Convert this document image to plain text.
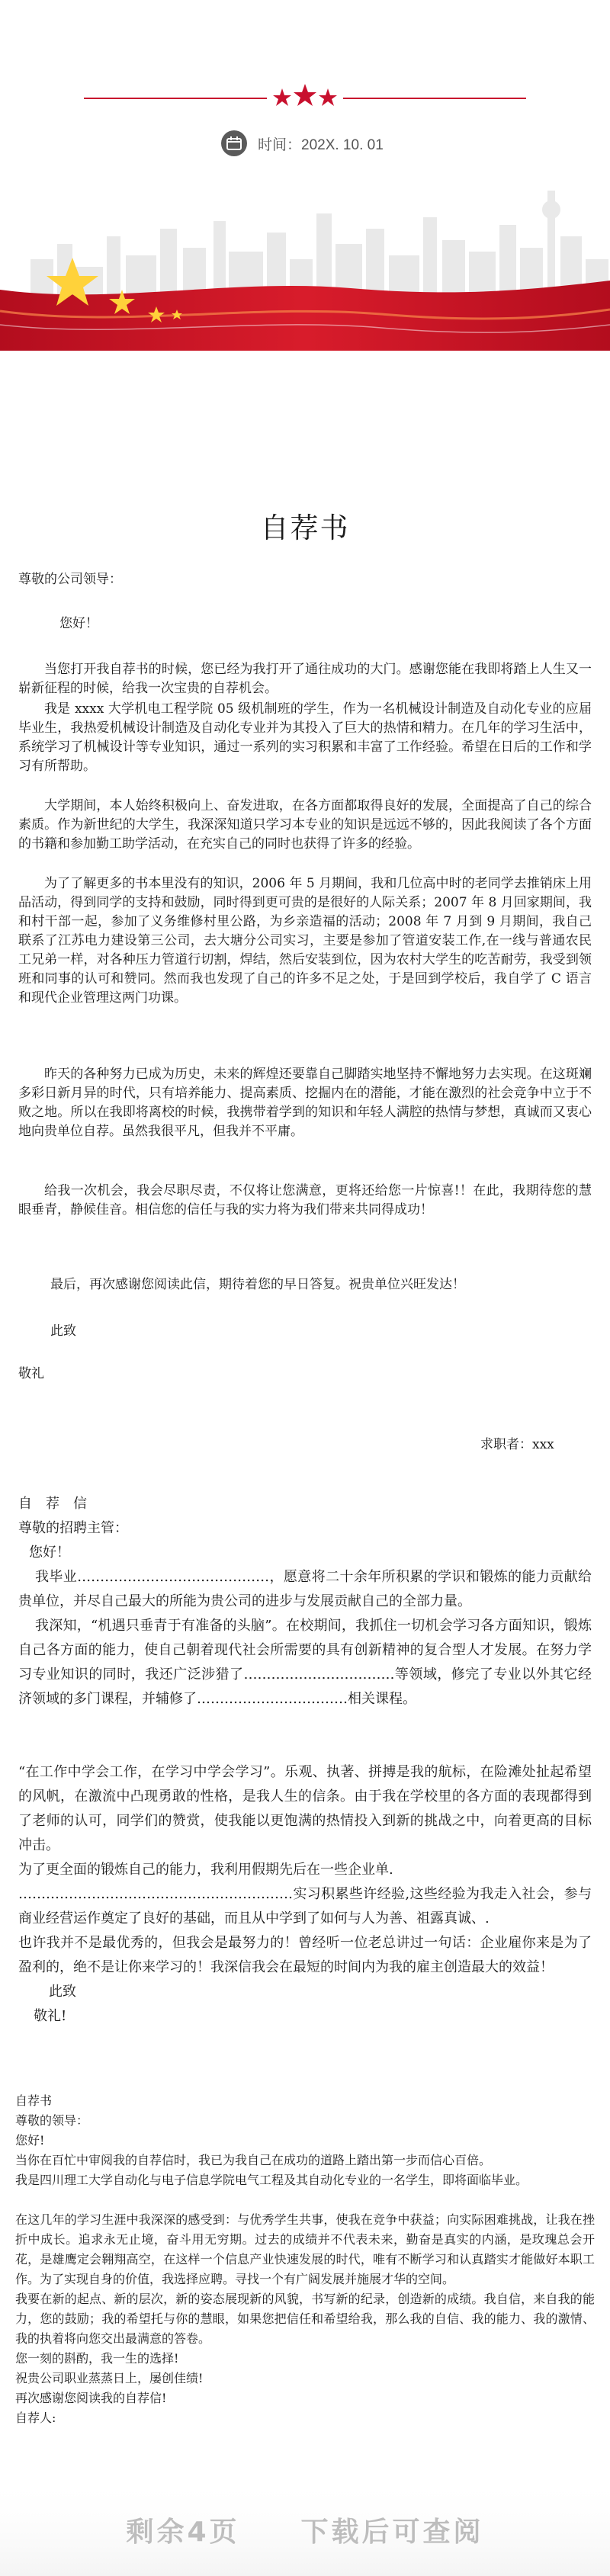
时间：202X. 10. 01
自荐书
尊敬的公司领导：
您好！
当您打开我自荐书的时候，您已经为我打开了通往成功的大门。感谢您能在我即将踏上人生又一崭新征程的时候，给我一次宝贵的自荐机会。
我是 xxxx 大学机电工程学院 05 级机制班的学生，作为一名机械设计制造及自动化专业的应届毕业生，我热爱机械设计制造及自动化专业并为其投入了巨大的热情和精力。在几年的学习生活中，系统学习了机械设计等专业知识，通过一系列的实习积累和丰富了工作经验。希望在日后的工作和学习有所帮助。
大学期间，本人始终积极向上、奋发进取，在各方面都取得良好的发展，全面提高了自己的综合素质。作为新世纪的大学生，我深深知道只学习本专业的知识是远远不够的，因此我阅读了各个方面的书籍和参加勤工助学活动，在充实自己的同时也获得了许多的经验。
为了了解更多的书本里没有的知识，2006 年 5 月期间，我和几位高中时的老同学去推销床上用品活动，得到同学的支持和鼓励，同时得到更可贵的是很好的人际关系；2007 年 8 月回家期间，我和村干部一起，参加了义务维修村里公路，为乡亲造福的活动；2008 年 7 月到 9 月期间，我自己联系了江苏电力建设第三公司，去大塘分公司实习，主要是参加了管道安装工作,在一线与普通农民工兄弟一样，对各种压力管道行切割，焊结，然后安装到位，因为农村大学生的吃苦耐劳，我受到领班和同事的认可和赞同。然而我也发现了自己的许多不足之处，于是回到学校后，我自学了 C 语言和现代企业管理这两门功课。
昨天的各种努力已成为历史，未来的辉煌还要靠自己脚踏实地坚持不懈地努力去实现。在这斑斓多彩日新月异的时代，只有培养能力、提高素质、挖掘内在的潜能，才能在激烈的社会竞争中立于不败之地。所以在我即将离校的时候，我携带着学到的知识和年轻人满腔的热情与梦想，真诚而又衷心地向贵单位自荐。虽然我很平凡，但我并不平庸。
给我一次机会，我会尽职尽责，不仅将让您满意，更将还给您一片惊喜!！在此，我期待您的慧眼垂青，静候佳音。相信您的信任与我的实力将为我们带来共同得成功！
最后，再次感谢您阅读此信，期待着您的早日答复。祝贵单位兴旺发达！
此致
敬礼
求职者：xxx
自　荐　信
尊敬的招聘主管：
您好！
我毕业……………………………………，愿意将二十余年所积累的学识和锻炼的能力贡献给贵单位，并尽自己最大的所能为贵公司的进步与发展贡献自己的全部力量。
我深知，“机遇只垂青于有准备的头脑”。在校期间，我抓住一切机会学习各方面知识，锻炼自己各方面的能力，使自己朝着现代社会所需要的具有创新精神的复合型人才发展。在努力学习专业知识的同时，我还广泛涉猎了……………………………等领域，修完了专业以外其它经济领域的多门课程，并辅修了……………………………相关课程。
“在工作中学会工作，在学习中学会学习”。乐观、执著、拼搏是我的航标，在险滩处扯起希望的风帆，在激流中凸现勇敢的性格，是我人生的信条。由于我在学校里的各方面的表现都得到了老师的认可，同学们的赞赏，使我能以更饱满的热情投入到新的挑战之中，向着更高的目标冲击。
为了更全面的锻炼自己的能力，我利用假期先后在一些企业单.
……………………………………………………实习积累些许经验,这些经验为我走入社会，参与商业经营运作奠定了良好的基础，而且从中学到了如何与人为善、祖露真诚、.
也许我并不是最优秀的，但我会是最努力的！曾经听一位老总讲过一句话：企业雇你来是为了盈利的，绝不是让你来学习的！我深信我会在最短的时间内为我的雇主创造最大的效益！
此致
敬礼!
自荐书
尊敬的领导：
您好!
当你在百忙中审阅我的自荐信时，我已为我自己在成功的道路上踏出第一步而信心百倍。
我是四川理工大学自动化与电子信息学院电气工程及其自动化专业的一名学生，即将面临毕业。
在这几年的学习生涯中我深深的感受到：与优秀学生共事，使我在竞争中获益；向实际困难挑战，让我在挫折中成长。追求永无止境，奋斗用无穷期。过去的成绩并不代表未来，勤奋是真实的内涵，是玫瑰总会开花，是雄鹰定会翱翔高空，在这样一个信息产业快速发展的时代，唯有不断学习和认真踏实才能做好本职工作。为了实现自身的价值，我选择应聘。寻找一个有广阔发展并施展才华的空间。
我要在新的起点、新的层次，新的姿态展现新的风貌，书写新的纪录，创造新的成绩。我自信，来自我的能力，您的鼓励；我的希望托与你的慧眼，如果您把信任和希望给我，那么我的自信、我的能力、我的激情、我的执着将向您交出最满意的答卷。
您一刻的斟酌，我一生的选择!
祝贵公司职业蒸蒸日上，屡创佳绩!
再次感谢您阅读我的自荐信!
自荐人:
剩余4页　　下载后可查阅
